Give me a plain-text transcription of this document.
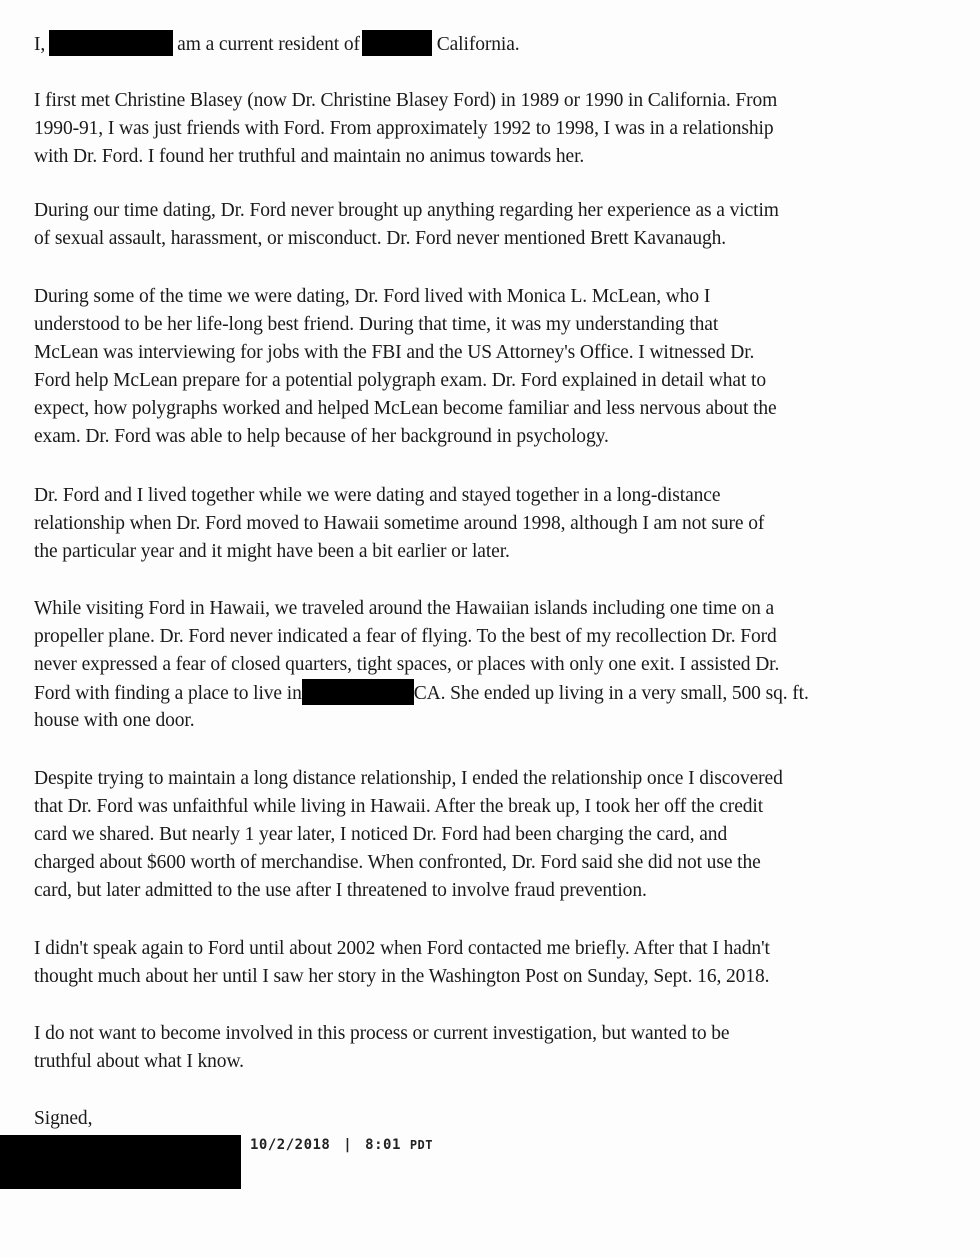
I,	am a current resident of	California.
I first met Christine Blasey (now Dr. Christine Blasey Ford) in 1989 or 1990 in California. From
1990-91, I was just friends with Ford. From approximately 1992 to 1998, I was in a relationship
with Dr. Ford. I found her truthful and maintain no animus towards her.
During our time dating, Dr. Ford never brought up anything regarding her experience as a victim
of sexual assault, harassment, or misconduct. Dr. Ford never mentioned Brett Kavanaugh.
During some of the time we were dating, Dr. Ford lived with Monica L. McLean, who I
understood to be her life-long best friend. During that time, it was my understanding that
McLean was interviewing for jobs with the FBI and the US Attorney's Office. I witnessed Dr.
Ford help McLean prepare for a potential polygraph exam. Dr. Ford explained in detail what to
expect, how polygraphs worked and helped McLean become familiar and less nervous about the
exam. Dr. Ford was able to help because of her background in psychology.
Dr. Ford and I lived together while we were dating and stayed together in a long-distance
relationship when Dr. Ford moved to Hawaii sometime around 1998, although I am not sure of
the particular year and it might have been a bit earlier or later.
While visiting Ford in Hawaii, we traveled around the Hawaiian islands including one time on a
propeller plane. Dr. Ford never indicated a fear of flying. To the best of my recollection Dr. Ford
never expressed a fear of closed quarters, tight spaces, or places with only one exit. I assisted Dr.
Ford with finding a place to live in	CA. She ended up living in a very small, 500 sq. ft.
house with one door.
Despite trying to maintain a long distance relationship, I ended the relationship once I discovered
that Dr. Ford was unfaithful while living in Hawaii. After the break up, I took her off the credit
card we shared. But nearly 1 year later, I noticed Dr. Ford had been charging the card, and
charged about $600 worth of merchandise. When confronted, Dr. Ford said she did not use the
card, but later admitted to the use after I threatened to involve fraud prevention.
I didn't speak again to Ford until about 2002 when Ford contacted me briefly. After that I hadn't
thought much about her until I saw her story in the Washington Post on Sunday, Sept. 16, 2018.
I do not want to become involved in this process or current investigation, but wanted to be
truthful about what I know.
Signed,
10/2/2018 | 8:01 PDT
